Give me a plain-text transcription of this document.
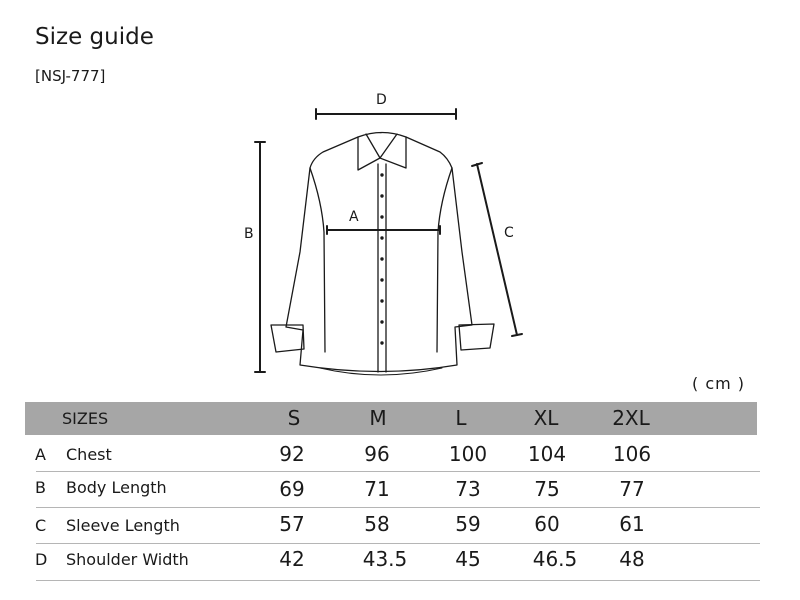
Size guide
[NSJ-777]
D
B
A
C
( cm )
SIZES	S	M	L	XL	2XL
A Chest	92	96	100	104	106
B Body Length	69	71	73	75	77
C Sleeve Length	57	58	59	60	61
D Shoulder Width	42	43.5	45	46.5	48
